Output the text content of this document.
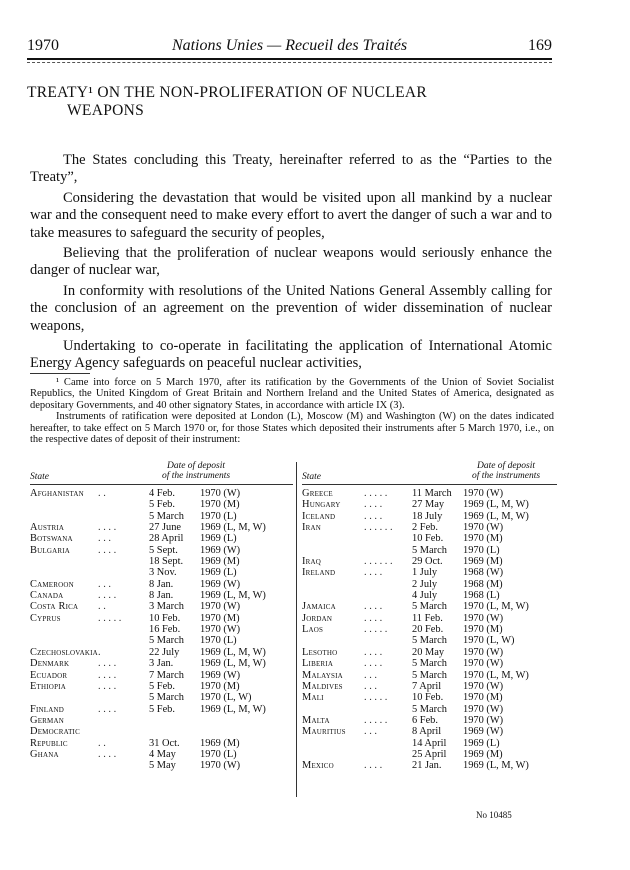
1970	Nations Unies — Recueil des Traités	169
TREATY¹ ON THE NON-PROLIFERATION OF NUCLEAR
WEAPONS

The States concluding this Treaty, hereinafter referred to as the “Parties to the Treaty”,

Considering the devastation that would be visited upon all mankind by a nuclear war and the consequent need to make every effort to avert the danger of such a war and to take measures to safeguard the security of peoples,

Believing that the proliferation of nuclear weapons would seriously enhance the danger of nuclear war,

In conformity with resolutions of the United Nations General Assembly calling for the conclusion of an agreement on the prevention of wider dissemination of nuclear weapons,

Undertaking to co-operate in facilitating the application of International Atomic Energy Agency safeguards on peaceful nuclear activities,

¹ Came into force on 5 March 1970, after its ratification by the Governments of the Union of Soviet Socialist Republics, the United Kingdom of Great Britain and Northern Ireland and the United States of America, designated as depositary Governments, and 40 other signatory States, in accordance with article IX (3).

Instruments of ratification were deposited at London (L), Moscow (M) and Washington (W) on the dates indicated hereafter, to take effect on 5 March 1970 or, for those States which deposited their instruments after 5 March 1970, i.e., on the respective dates of deposit of their instrument:

State
Date of deposit
of the instruments
Afghanistan . .	4 Feb. 1970 (W)
5 Feb. 1970 (M)
5 March 1970 (L)
Austria	. . . .	27 June 1969 (L, M, W)
Botswana . . .	28 April 1969 (L)
Bulgaria	. . . .	5 Sept. 1969 (W)
18 Sept. 1969 (M)
3 Nov. 1969 (L)
Cameroon . . .	8 Jan.	1969 (W)
Canada	. . . .	8 Jan.	1969 (L, M, W)
Costa Rica . .	3 March 1970 (W)
Cyprus	. . . . .	10 Feb. 1970 (M)
16 Feb. 1970 (W)
5 March 1970 (L)
Czechoslovakia .	22 July 1969 (L, M, W)
Denmark	. . . .	3 Jan.	1969 (L, M, W)
Ecuador	. . . .	7 March 1969 (W)
Ethiopia	. . . .	5 Feb. 1970 (M)
5 March 1970 (L, W)
Finland	. . . .	5 Feb. 1969 (L, M, W)
German
Democratic
Republic	. .	31 Oct. 1969 (M)
Ghana	. . . .	4 May 1970 (L)
5 May 1970 (W)
State
Date of deposit
of the instruments
Greece	. . . . . 11 March 1970 (W)
Hungary . . . .	27 May 1969 (L, M, W)
Iceland	. . . .	18 July 1969 (L, M, W)
Iran	. . . . . . 2 Feb. 1970 (W)
10 Feb. 1970 (M)
5 March 1970 (L)
Iraq	. . . . . . 29 Oct. 1969 (M)
Ireland	. . . .	1 July 1968 (W)
2 July 1968 (M)
4 July 1968 (L)
Jamaica	. . . .	5 March 1970 (L, M, W)
Jordan	. . . .	11 Feb. 1970 (W)
Laos	. . . . . 20 Feb. 1970 (M)
5 March 1970 (L, W)
Lesotho	. . . .	20 May 1970 (W)
Liberia	. . . .	5 March 1970 (W)
Malaysia . . .	5 March 1970 (L, M, W)
Maldives . . .	7 April 1970 (W)
Mali	. . . . . 10 Feb. 1970 (M)
5 March 1970 (W)
Malta	. . . . . 6 Feb. 1970 (W)
Mauritius . . .	8 April 1969 (W)
14 April 1969 (L)
25 April 1969 (M)
Mexico	. . . .	21 Jan. 1969 (L, M, W)
No 10485
